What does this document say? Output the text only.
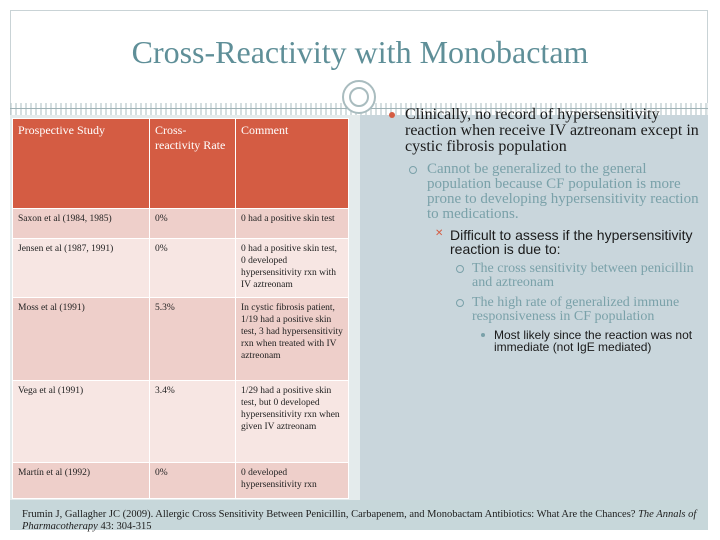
Cross-Reactivity with Monobactam
Prospective Study	Cross-reactivity Rate	Comment
Saxon et al (1984, 1985)	0%	0 had a positive skin test
Jensen et al (1987, 1991)	0%	0 had a positive skin test, 0 developed hypersensitivity rxn with IV aztreonam
Moss et al (1991)	5.3%	In cystic fibrosis patient, 1/19 had a positive skin test, 3 had hypersensitivity rxn when treated with IV aztreonam
Vega et al (1991)	3.4%	1/29 had a positive skin test, but 0 developed hypersensitivity rxn when given IV aztreonam
Martín et al (1992)	0%	0 developed hypersensitivity rxn
Clinically, no record of hypersensitivity reaction when receive IV aztreonam except in cystic fibrosis population
Cannot be generalized to the general population because CF population is more prone to developing hypersensitivity reaction to medications.
✕ Difficult to assess if the hypersensitivity reaction is due to:
The cross sensitivity between penicillin and aztreonam
The high rate of generalized immune responsiveness in CF population
Most likely since the reaction was not immediate (not IgE mediated)
Frumin J, Gallagher JC (2009). Allergic Cross Sensitivity Between Penicillin, Carbapenem, and Monobactam Antibiotics: What Are the Chances? The Annals of Pharmacotherapy 43: 304-315
